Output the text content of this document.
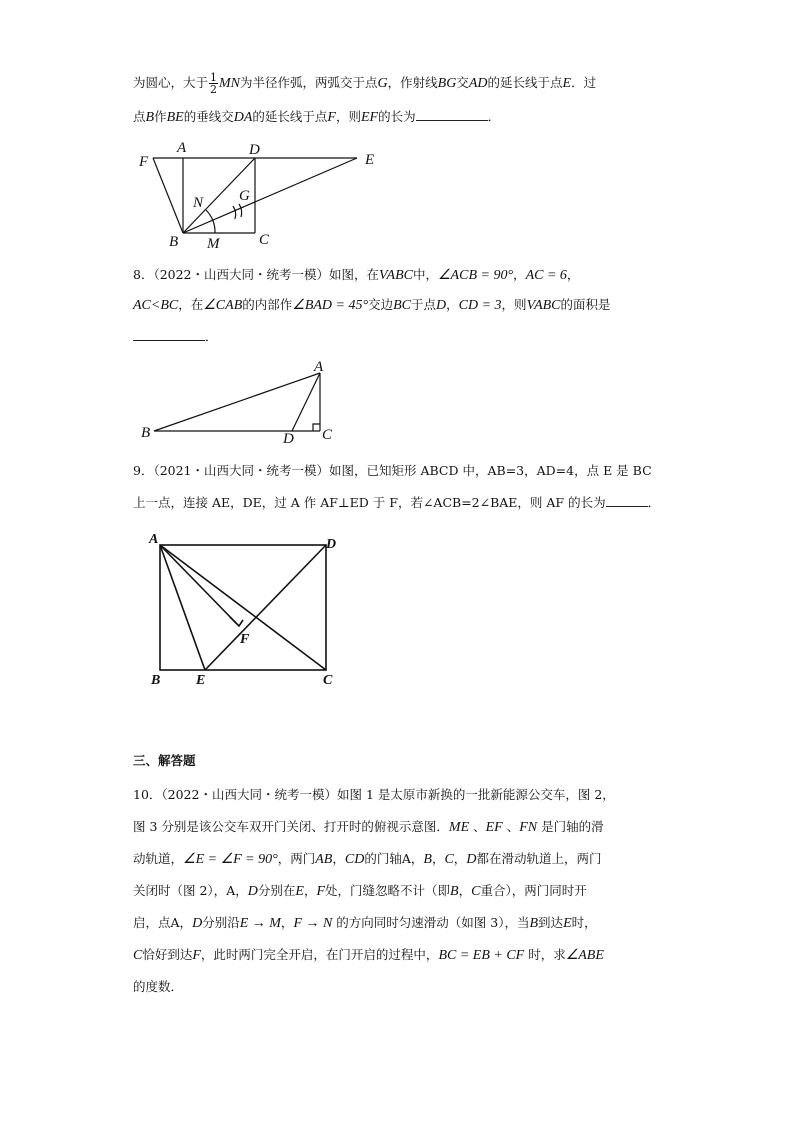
为圆心，大于 $\frac{1}{2}$ MN为半径作弧，两弧交于点G，作射线BG交AD的延长线于点E．过
点B作BE的垂线交DA的延长线于点F，则EF的长为	．
F
A	D
E
N G
B M	C
8．（2022・山西大同・统考一模）如图，在VABC中，∠ACB = 90°，AC = 6，
AC<BC，在∠CAB的内部作∠BAD = 45°交边BC于点D，CD = 3，则VABC的面积是
．
A
B	D C
9．（2021・山西大同・统考一模）如图，已知矩形 ABCD 中，AB=3，AD=4，点 E 是 BC
上一点，连接 AE，DE，过 A 作 AF⊥ED 于 F，若∠ACB=2∠BAE，则 AF 的长为	．
A	D
F
B	E	C
三、解答题
10．（2022・山西大同・统考一模）如图 1 是太原市新换的一批新能源公交车，图 2，
图 3 分别是该公交车双开门关闭、打开时的俯视示意图．ME 、EF 、FN 是门轴的滑
动轨道，∠E = ∠F = 90°，两门AB，CD的门轴A，B，C，D都在滑动轨道上，两门
关闭时（图 2），A，D分别在E，F处，门缝忽略不计（即B，C重合），两门同时开
启，点A，D分别沿E → M，F → N 的方向同时匀速滑动（如图 3），当B到达E时，
C恰好到达F，此时两门完全开启，在门开启的过程中，BC = EB + CF 时，求∠ABE
的度数．
